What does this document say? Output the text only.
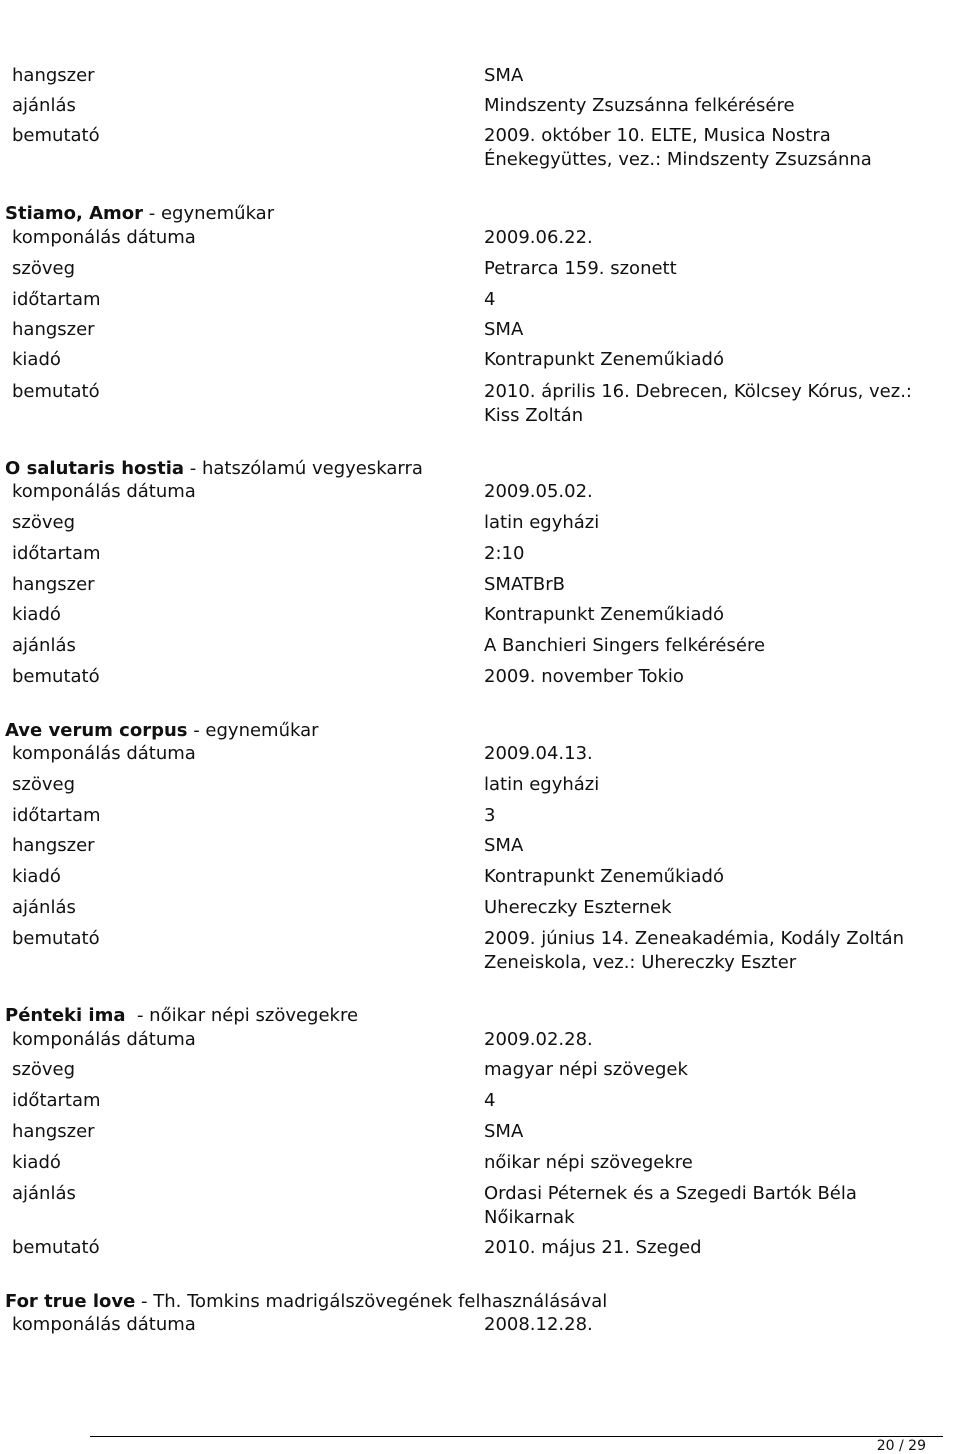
hangszer	SMA
ajánlás	Mindszenty Zsuzsánna felkérésére
bemutató	2009. október 10. ELTE, Musica Nostra Énekegyüttes, vez.: Mindszenty Zsuzsánna
Stiamo, Amor - egyneműkar
komponálás dátuma	2009.06.22.
szöveg	Petrarca 159. szonett
időtartam	4
hangszer	SMA
kiadó	Kontrapunkt Zeneműkiadó
bemutató	2010. április 16. Debrecen, Kölcsey Kórus, vez.: Kiss Zoltán
O salutaris hostia - hatszólamú vegyeskarra
komponálás dátuma	2009.05.02.
szöveg	latin egyházi
időtartam	2:10
hangszer	SMATBrB
kiadó	Kontrapunkt Zeneműkiadó
ajánlás	A Banchieri Singers felkérésére
bemutató	2009. november Tokio
Ave verum corpus - egyneműkar
komponálás dátuma	2009.04.13.
szöveg	latin egyházi
időtartam	3
hangszer	SMA
kiadó	Kontrapunkt Zeneműkiadó
ajánlás	Uhereczky Eszternek
bemutató	2009. június 14. Zeneakadémia, Kodály Zoltán Zeneiskola, vez.: Uhereczky Eszter
Pénteki ima  - nőikar népi szövegekre
komponálás dátuma	2009.02.28.
szöveg	magyar népi szövegek
időtartam	4
hangszer	SMA
kiadó	nőikar népi szövegekre
ajánlás	Ordasi Péternek és a Szegedi Bartók Béla Nőikarnak
bemutató	2010. május 21. Szeged
For true love - Th. Tomkins madrigálszövegének felhasználásával
komponálás dátuma	2008.12.28.
20 / 29
